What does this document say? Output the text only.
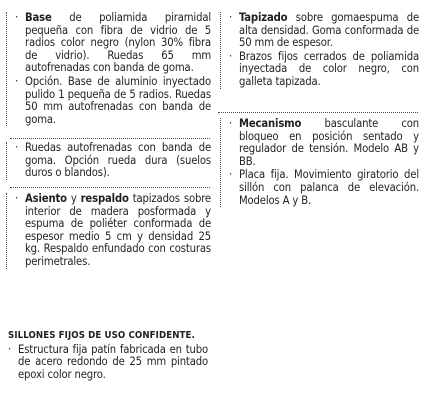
· Base de poliamida piramidal pequeña con fibra de vidrio de 5 radios color negro (nylon 30% fibra de vidrio). Ruedas 65 mm autofrenadas con banda de goma.

· Opción. Base de aluminio inyectado pulido 1 pequeña de 5 radios. Ruedas 50 mm autofrenadas con banda de goma.

· Ruedas autofrenadas con banda de goma. Opción rueda dura (suelos duros o blandos).

· Asiento y respaldo tapizados sobre interior de madera posformada y espuma de poliéter conformada de espesor medio 5 cm y densidad 25 kg. Respaldo enfundado con costuras perimetrales.

· Tapizado sobre gomaespuma de alta densidad. Goma conformada de 50 mm de espesor.

· Brazos fijos cerrados de poliamida inyectada de color negro, con galleta tapizada.

· Mecanismo basculante con bloqueo en posición sentado y regulador de tensión. Modelo AB y BB.

· Placa fija. Movimiento giratorio del sillón con palanca de elevación. Modelos A y B.

SILLONES FIJOS DE USO CONFIDENTE.

· Estructura fija patín fabricada en tubo de acero redondo de 25 mm pintado epoxi color negro.
